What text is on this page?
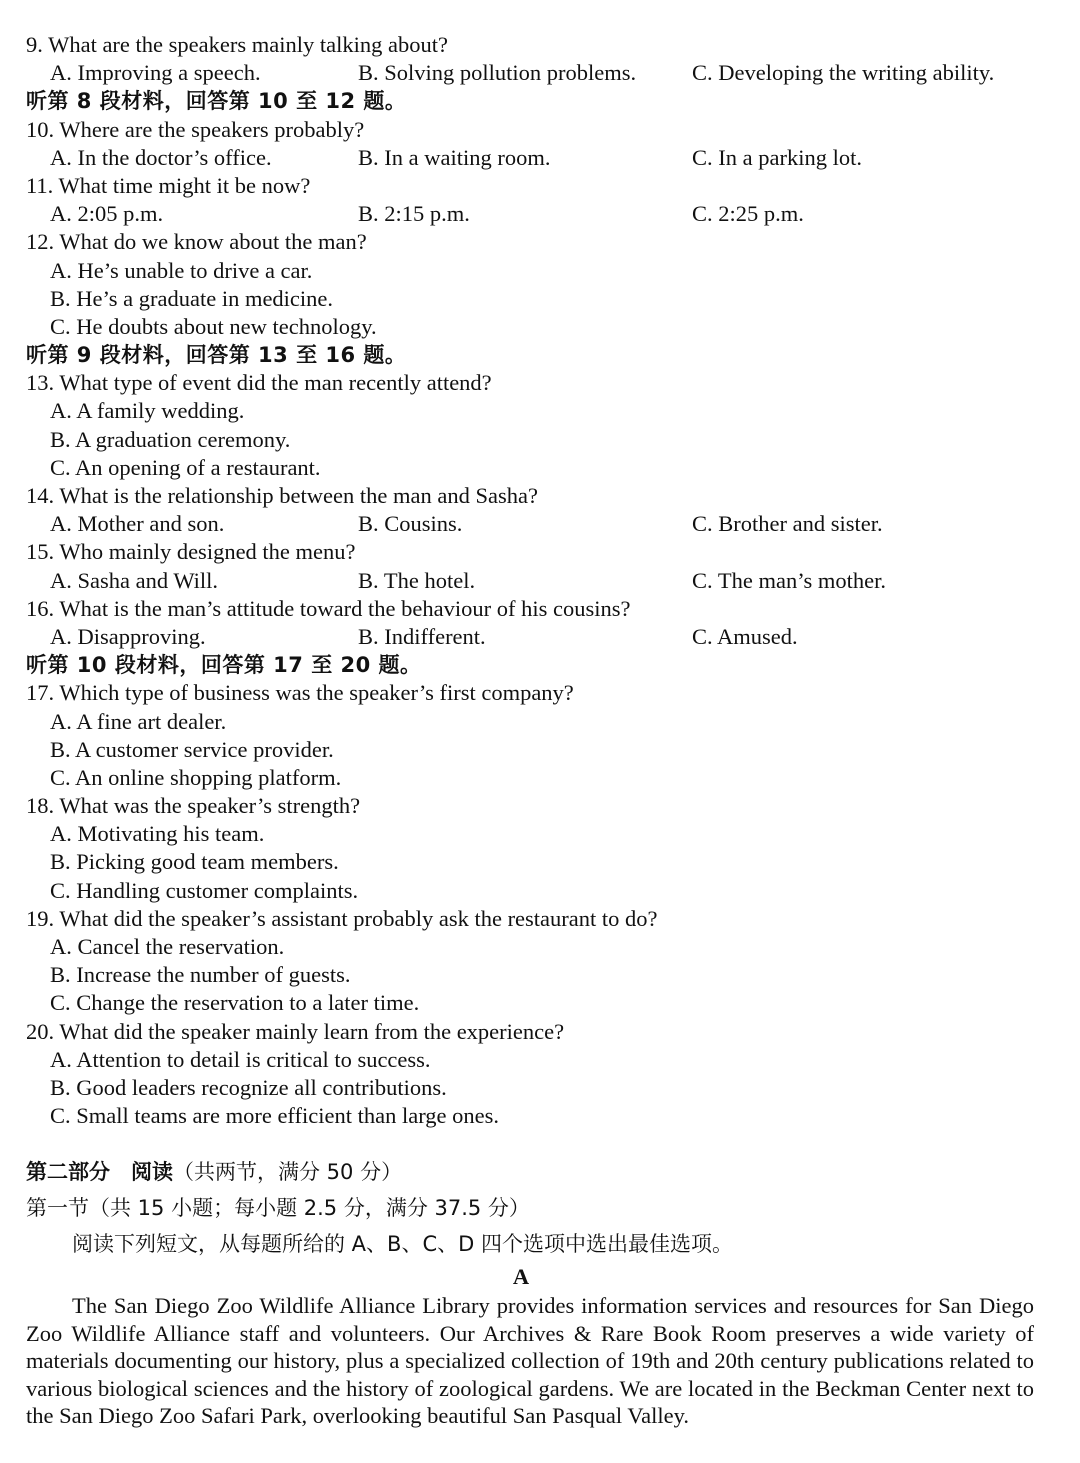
9. What are the speakers mainly talking about?
A. Improving a speech.	B. Solving pollution problems. C. Developing the writing ability.
听第 8 段材料，回答第 10 至 12 题。
10. Where are the speakers probably?
A. In the doctor’s office.	B. In a waiting room.	C. In a parking lot.
11. What time might it be now?
A. 2:05 p.m.	B. 2:15 p.m.	C. 2:25 p.m.
12. What do we know about the man?
A. He’s unable to drive a car.
B. He’s a graduate in medicine.
C. He doubts about new technology.
听第 9 段材料，回答第 13 至 16 题。
13. What type of event did the man recently attend?
A. A family wedding.
B. A graduation ceremony.
C. An opening of a restaurant.
14. What is the relationship between the man and Sasha?
A. Mother and son.	B. Cousins.	C. Brother and sister.
15. Who mainly designed the menu?
A. Sasha and Will.	B. The hotel.	C. The man’s mother.
16. What is the man’s attitude toward the behaviour of his cousins?
A. Disapproving.	B. Indifferent.	C. Amused.
听第 10 段材料，回答第 17 至 20 题。
17. Which type of business was the speaker’s first company?
A. A fine art dealer.
B. A customer service provider.
C. An online shopping platform.
18. What was the speaker’s strength?
A. Motivating his team.
B. Picking good team members.
C. Handling customer complaints.
19. What did the speaker’s assistant probably ask the restaurant to do?
A. Cancel the reservation.
B. Increase the number of guests.
C. Change the reservation to a later time.
20. What did the speaker mainly learn from the experience?
A. Attention to detail is critical to success.
B. Good leaders recognize all contributions.
C. Small teams are more efficient than large ones.
第二部分　阅读（共两节，满分 50 分）
第一节（共 15 小题；每小题 2.5 分，满分 37.5 分）
阅读下列短文，从每题所给的 A、B、C、D 四个选项中选出最佳选项。
A
The San Diego Zoo Wildlife Alliance Library provides information services and resources for San Diego Zoo Wildlife Alliance staff and volunteers. Our Archives & Rare Book Room preserves a wide variety of materials documenting our history, plus a specialized collection of 19th and 20th century publications related to various biological sciences and the history of zoological gardens. We are located in the Beckman Center next to the San Diego Zoo Safari Park, overlooking beautiful San Pasqual Valley.
